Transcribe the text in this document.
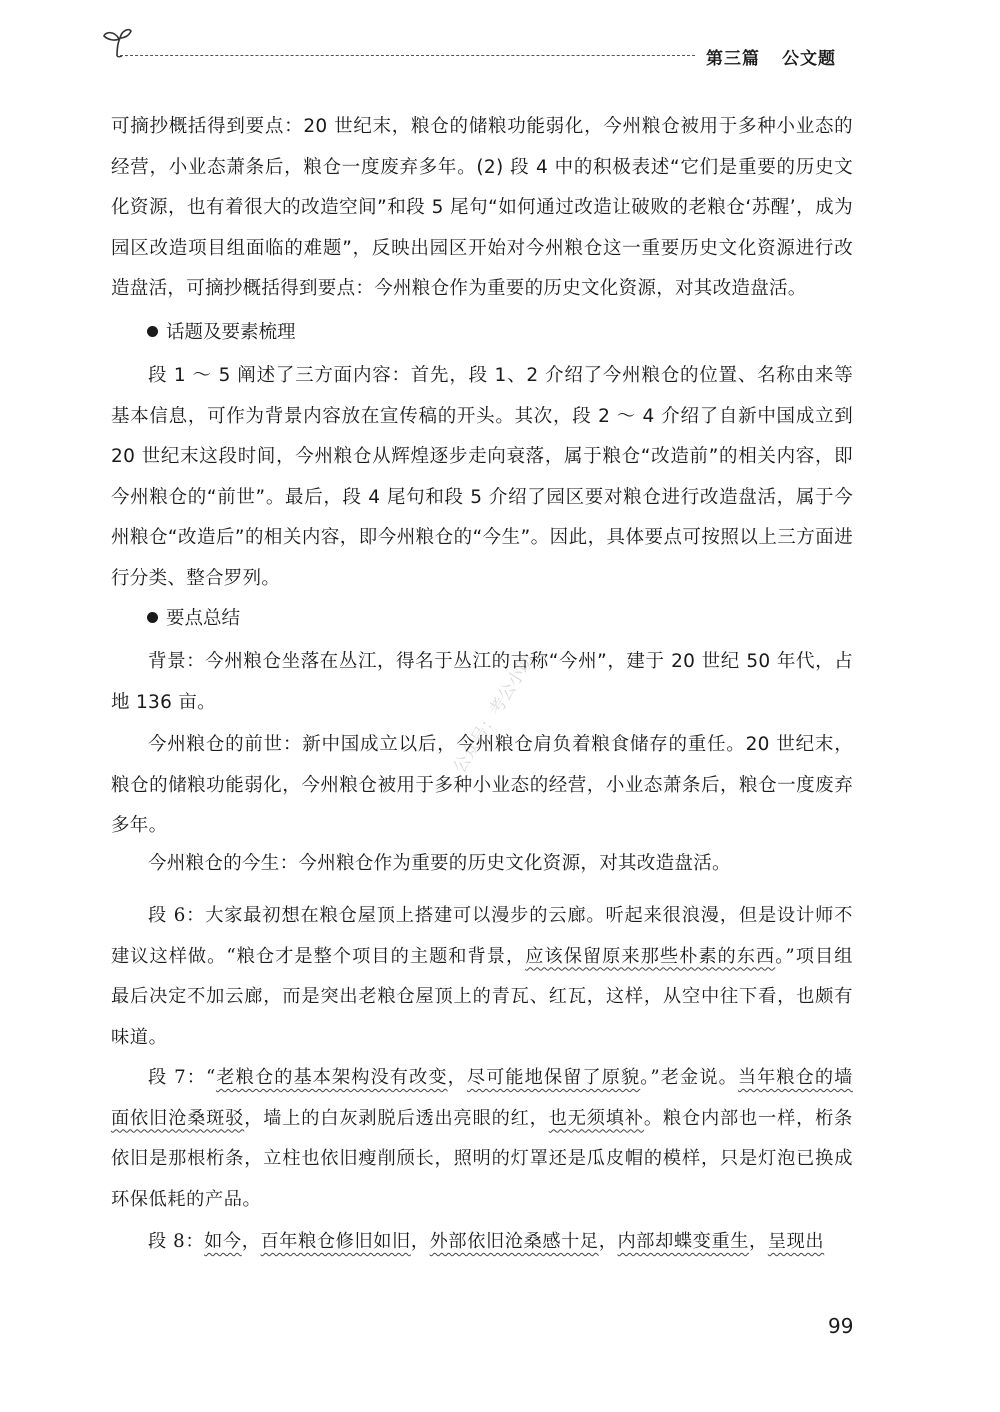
第三篇 公文题

可摘抄概括得到要点：20 世纪末，粮仓的储粮功能弱化，今州粮仓被用于多种小业态的经营，小业态萧条后，粮仓一度废弃多年。(2) 段 4 中的积极表述“它们是重要的历史文化资源，也有着很大的改造空间”和段 5 尾句“如何通过改造让破败的老粮仓‘苏醒’，成为园区改造项目组面临的难题”，反映出园区开始对今州粮仓这一重要历史文化资源进行改造盘活，可摘抄概括得到要点：今州粮仓作为重要的历史文化资源，对其改造盘活。

话题及要素梳理

段 1 ～ 5 阐述了三方面内容：首先，段 1、2 介绍了今州粮仓的位置、名称由来等基本信息，可作为背景内容放在宣传稿的开头。其次，段 2 ～ 4 介绍了自新中国成立到 20 世纪末这段时间，今州粮仓从辉煌逐步走向衰落，属于粮仓“改造前”的相关内容，即今州粮仓的“前世”。最后，段 4 尾句和段 5 介绍了园区要对粮仓进行改造盘活，属于今州粮仓“改造后”的相关内容，即今州粮仓的“今生”。因此，具体要点可按照以上三方面进行分类、整合罗列。

要点总结

背景：今州粮仓坐落在丛江，得名于丛江的古称“今州”，建于 20 世纪 50 年代，占地 136 亩。

今州粮仓的前世：新中国成立以后，今州粮仓肩负着粮食储存的重任。20 世纪末，粮仓的储粮功能弱化，今州粮仓被用于多种小业态的经营，小业态萧条后，粮仓一度废弃多年。

今州粮仓的今生：今州粮仓作为重要的历史文化资源，对其改造盘活。

段 6：大家最初想在粮仓屋顶上搭建可以漫步的云廊。听起来很浪漫，但是设计师不建议这样做。“粮仓才是整个项目的主题和背景，应该保留原来那些朴素的东西。”项目组最后决定不加云廊，而是突出老粮仓屋顶上的青瓦、红瓦，这样，从空中往下看，也颇有味道。

段 7：“老粮仓的基本架构没有改变，尽可能地保留了原貌。”老金说。当年粮仓的墙面依旧沧桑斑驳，墙上的白灰剥脱后透出亮眼的红，也无须填补。粮仓内部也一样，桁条依旧是那根桁条，立柱也依旧瘦削颀长，照明的灯罩还是瓜皮帽的模样，只是灯泡已换成环保低耗的产品。

段 8：如今，百年粮仓修旧如旧，外部依旧沧桑感十足，内部却蝶变重生，呈现出

公众号：考公小助
99
